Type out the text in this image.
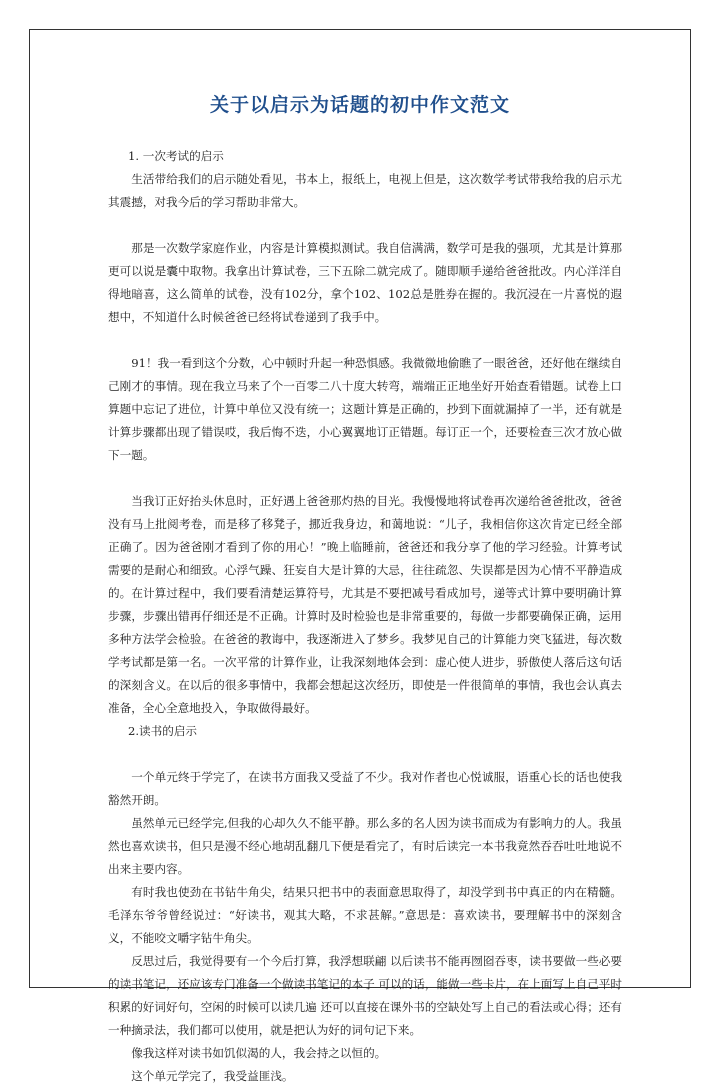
关于以启示为话题的初中作文范文
1. 一次考试的启示

生活带给我们的启示随处看见，书本上，报纸上，电视上但是，这次数学考试带我给我的启示尤其震撼，对我今后的学习帮助非常大。

那是一次数学家庭作业，内容是计算模拟测试。我自信满满，数学可是我的强项，尤其是计算那更可以说是囊中取物。我拿出计算试卷，三下五除二就完成了。随即顺手递给爸爸批改。内心洋洋自得地暗喜，这么简单的试卷，没有102分，拿个102、102总是胜券在握的。我沉浸在一片喜悦的遐想中，不知道什么时候爸爸已经将试卷递到了我手中。

91！我一看到这个分数，心中顿时升起一种恐惧感。我微微地偷瞧了一眼爸爸，还好他在继续自己刚才的事情。现在我立马来了个一百零二八十度大转弯，端端正正地坐好开始查看错题。试卷上口算题中忘记了进位，计算中单位又没有统一；这题计算是正确的，抄到下面就漏掉了一半，还有就是计算步骤都出现了错误哎，我后悔不迭，小心翼翼地订正错题。每订正一个，还要检查三次才放心做下一题。

当我订正好抬头休息时，正好遇上爸爸那灼热的目光。我慢慢地将试卷再次递给爸爸批改，爸爸没有马上批阅考卷，而是移了移凳子，挪近我身边，和蔼地说：“儿子，我相信你这次肯定已经全部正确了。因为爸爸刚才看到了你的用心！”晚上临睡前，爸爸还和我分享了他的学习经验。计算考试需要的是耐心和细致。心浮气躁、狂妄自大是计算的大忌，往往疏忽、失误都是因为心情不平静造成的。在计算过程中，我们要看清楚运算符号，尤其是不要把减号看成加号，递等式计算中要明确计算步骤，步骤出错再仔细还是不正确。计算时及时检验也是非常重要的，每做一步都要确保正确，运用多种方法学会检验。在爸爸的教诲中，我逐渐进入了梦乡。我梦见自己的计算能力突飞猛进，每次数学考试都是第一名。一次平常的计算作业，让我深刻地体会到：虚心使人进步，骄傲使人落后这句话的深刻含义。在以后的很多事情中，我都会想起这次经历，即使是一件很简单的事情，我也会认真去准备，全心全意地投入，争取做得最好。

2.读书的启示

一个单元终于学完了，在读书方面我又受益了不少。我对作者也心悦诚服，语重心长的话也使我豁然开朗。

虽然单元已经学完,但我的心却久久不能平静。那么多的名人因为读书而成为有影响力的人。我虽然也喜欢读书，但只是漫不经心地胡乱翻几下便是看完了，有时后读完一本书我竟然吞吞吐吐地说不出来主要内容。

有时我也使劲在书钻牛角尖，结果只把书中的表面意思取得了，却没学到书中真正的内在精髓。毛泽东爷爷曾经说过：“好读书，观其大略，不求甚解。”意思是：喜欢读书，要理解书中的深刻含义，不能咬文嚼字钻牛角尖。

反思过后，我觉得要有一个今后打算，我浮想联翩 以后读书不能再囫囵吞枣，读书要做一些必要的读书笔记，还应该专门准备一个做读书笔记的本子 可以的话，能做一些卡片，在上面写上自己平时积累的好词好句，空闲的时候可以读几遍 还可以直接在课外书的空缺处写上自己的看法或心得；还有一种摘录法，我们都可以使用，就是把认为好的词句记下来。

像我这样对读书如饥似渴的人，我会持之以恒的。

这个单元学完了，我受益匪浅。
